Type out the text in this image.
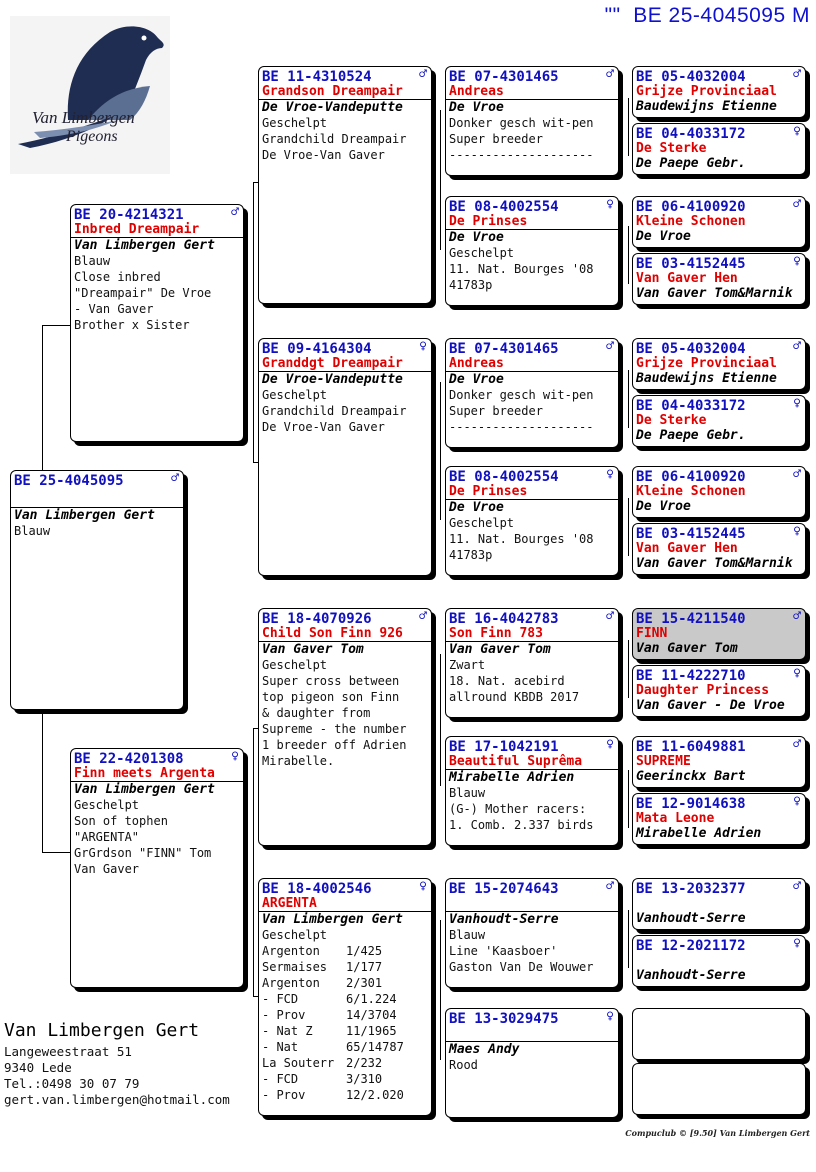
"" BE 25-4045095 M
Van Limbergen
Pigeons
BE 25-4045095	♂
Van Limbergen Gert
Blauw
BE 20-4214321	♂
Inbred Dreampair
Van Limbergen Gert
Blauw
Close inbred
"Dreampair" De Vroe
- Van Gaver
Brother x Sister
BE 22-4201308	♀
Finn meets Argenta
Van Limbergen Gert
Geschelpt
Son of tophen
"ARGENTA"
GrGrdson "FINN" Tom
Van Gaver
BE 11-4310524	♂
Grandson Dreampair
De Vroe-Vandeputte
Geschelpt
Grandchild Dreampair
De Vroe-Van Gaver
BE 09-4164304	♀
Granddgt Dreampair
De Vroe-Vandeputte
Geschelpt
Grandchild Dreampair
De Vroe-Van Gaver
BE 18-4070926	♂
Child Son Finn 926
Van Gaver Tom
Geschelpt
Super cross between
top pigeon son Finn
& daughter from
Supreme - the number
1 breeder off Adrien
Mirabelle.
BE 18-4002546	♀
ARGENTA
Van Limbergen Gert
Geschelpt
Argenton	1/425
Sermaises	1/177
Argenton	2/301
- FCD	6/1.224
- Prov	14/3704
- Nat Z	11/1965
- Nat	65/14787
La Souterr 2/232
- FCD	3/310
- Prov	12/2.020
BE 07-4301465	♂
Andreas
De Vroe
Donker gesch wit-pen
Super breeder
--------------------
BE 08-4002554	♀
De Prinses
De Vroe
Geschelpt
11. Nat. Bourges '08
41783p
BE 07-4301465	♂
Andreas
De Vroe
Donker gesch wit-pen
Super breeder
--------------------
BE 08-4002554	♀
De Prinses
De Vroe
Geschelpt
11. Nat. Bourges '08
41783p
BE 16-4042783	♂
Son Finn 783
Van Gaver Tom
Zwart
18. Nat. acebird
allround KBDB 2017
BE 17-1042191	♀
Beautiful Suprêma
Mirabelle Adrien
Blauw
(G-) Mother racers:
1. Comb. 2.337 birds
BE 15-2074643	♂

Vanhoudt-Serre
Blauw
Line 'Kaasboer'
Gaston Van De Wouwer
BE 13-3029475	♀

Maes Andy
Rood
BE 05-4032004	♂
Grijze Provinciaal
Baudewijns Etienne
BE 04-4033172	♀
De Sterke
De Paepe Gebr.
BE 06-4100920	♂
Kleine Schonen
De Vroe
BE 03-4152445	♀
Van Gaver Hen
Van Gaver Tom&Marnik
BE 05-4032004	♂
Grijze Provinciaal
Baudewijns Etienne
BE 04-4033172	♀
De Sterke
De Paepe Gebr.
BE 06-4100920	♂
Kleine Schonen
De Vroe
BE 03-4152445	♀
Van Gaver Hen
Van Gaver Tom&Marnik
BE 15-4211540	♂
FINN
Van Gaver Tom
BE 11-4222710	♀
Daughter Princess
Van Gaver - De Vroe
BE 11-6049881	♂
SUPREME
Geerinckx Bart
BE 12-9014638	♀
Mata Leone
Mirabelle Adrien
BE 13-2032377	♂

Vanhoudt-Serre
BE 12-2021172	♀

Vanhoudt-Serre
Van Limbergen Gert
Langeweestraat 51
9340 Lede
Tel.:0498 30 07 79
gert.van.limbergen@hotmail.com
Compuclub © [9.50] Van Limbergen Gert
